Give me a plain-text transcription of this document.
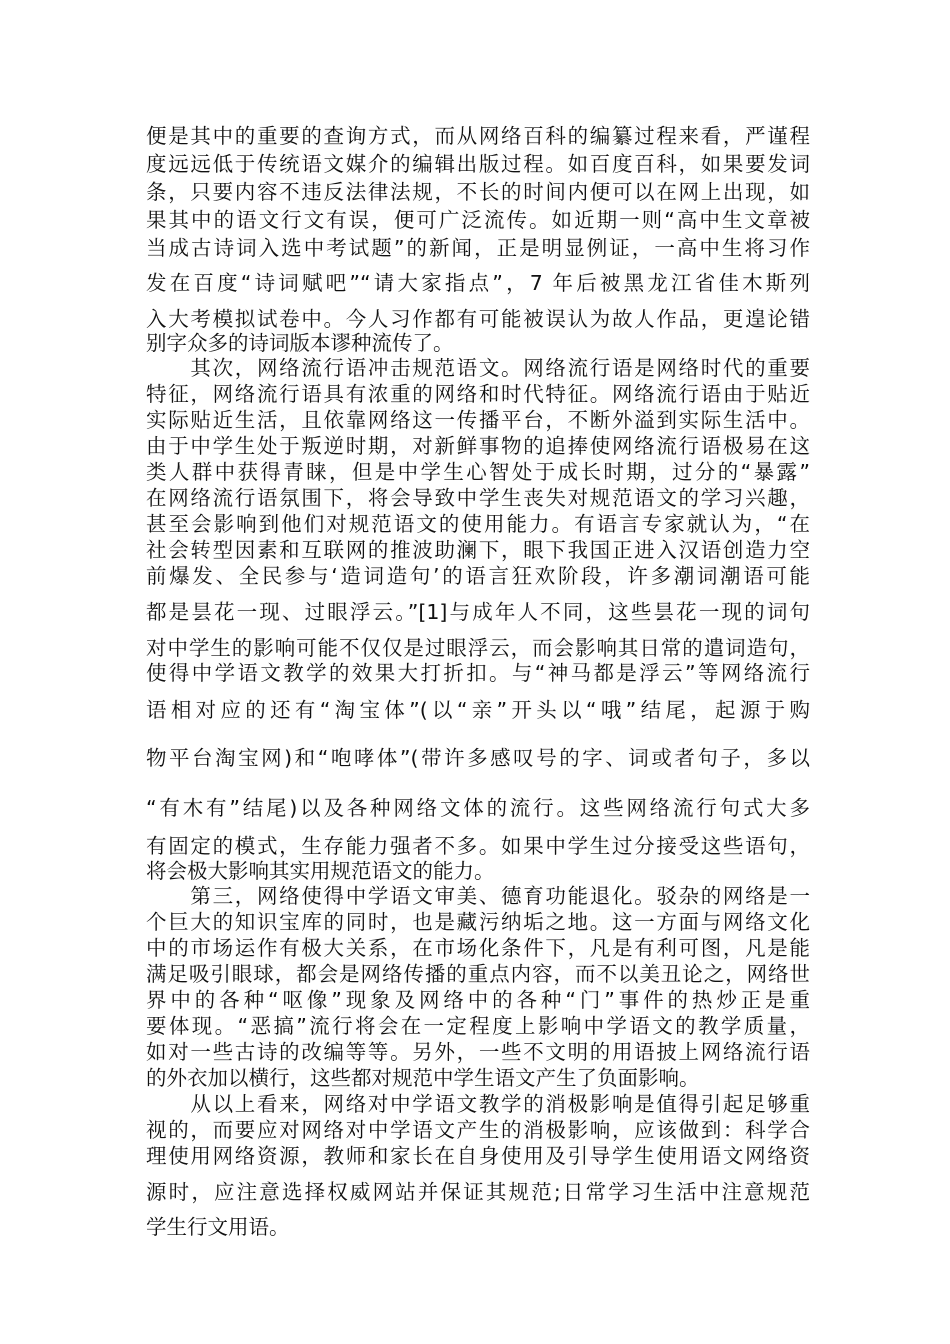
便是其中的重要的查询方式，而从网络百科的编纂过程来看，严谨程

度远远低于传统语文媒介的编辑出版过程。如百度百科，如果要发词

条，只要内容不违反法律法规，不长的时间内便可以在网上出现，如

果其中的语文行文有误，便可广泛流传。如近期一则“高中生文章被

当成古诗词入选中考试题”的新闻，正是明显例证，一高中生将习作

发在百度“诗词赋吧”“请大家指点”，7 年后被黑龙江省佳木斯列

入大考模拟试卷中。今人习作都有可能被误认为故人作品，更遑论错

别字众多的诗词版本谬种流传了。

　　其次，网络流行语冲击规范语文。网络流行语是网络时代的重要

特征，网络流行语具有浓重的网络和时代特征。网络流行语由于贴近

实际贴近生活，且依靠网络这一传播平台，不断外溢到实际生活中。

由于中学生处于叛逆时期，对新鲜事物的追捧使网络流行语极易在这

类人群中获得青睐，但是中学生心智处于成长时期，过分的“暴露”

在网络流行语氛围下，将会导致中学生丧失对规范语文的学习兴趣，

甚至会影响到他们对规范语文的使用能力。有语言专家就认为，“在

社会转型因素和互联网的推波助澜下，眼下我国正进入汉语创造力空

前爆发、全民参与‘造词造句’的语言狂欢阶段，许多潮词潮语可能

都是昙花一现、过眼浮云。”[1]与成年人不同，这些昙花一现的词句

对中学生的影响可能不仅仅是过眼浮云，而会影响其日常的遣词造句，

使得中学语文教学的效果大打折扣。与“神马都是浮云”等网络流行

语相对应的还有“淘宝体”(以“亲”开头以“哦”结尾，起源于购

物平台淘宝网)和“咆哮体”(带许多感叹号的字、词或者句子，多以

“有木有”结尾)以及各种网络文体的流行。这些网络流行句式大多

有固定的模式，生存能力强者不多。如果中学生过分接受这些语句，

将会极大影响其实用规范语文的能力。

　　第三，网络使得中学语文审美、德育功能退化。驳杂的网络是一

个巨大的知识宝库的同时，也是藏污纳垢之地。这一方面与网络文化

中的市场运作有极大关系，在市场化条件下，凡是有利可图，凡是能

满足吸引眼球，都会是网络传播的重点内容，而不以美丑论之，网络世

界中的各种“呕像”现象及网络中的各种“门”事件的热炒正是重

要体现。“恶搞”流行将会在一定程度上影响中学语文的教学质量，

如对一些古诗的改编等等。另外，一些不文明的用语披上网络流行语

的外衣加以横行，这些都对规范中学生语文产生了负面影响。

　　从以上看来，网络对中学语文教学的消极影响是值得引起足够重

视的，而要应对网络对中学语文产生的消极影响，应该做到：科学合

理使用网络资源，教师和家长在自身使用及引导学生使用语文网络资

源时，应注意选择权威网站并保证其规范;日常学习生活中注意规范

学生行文用语。
